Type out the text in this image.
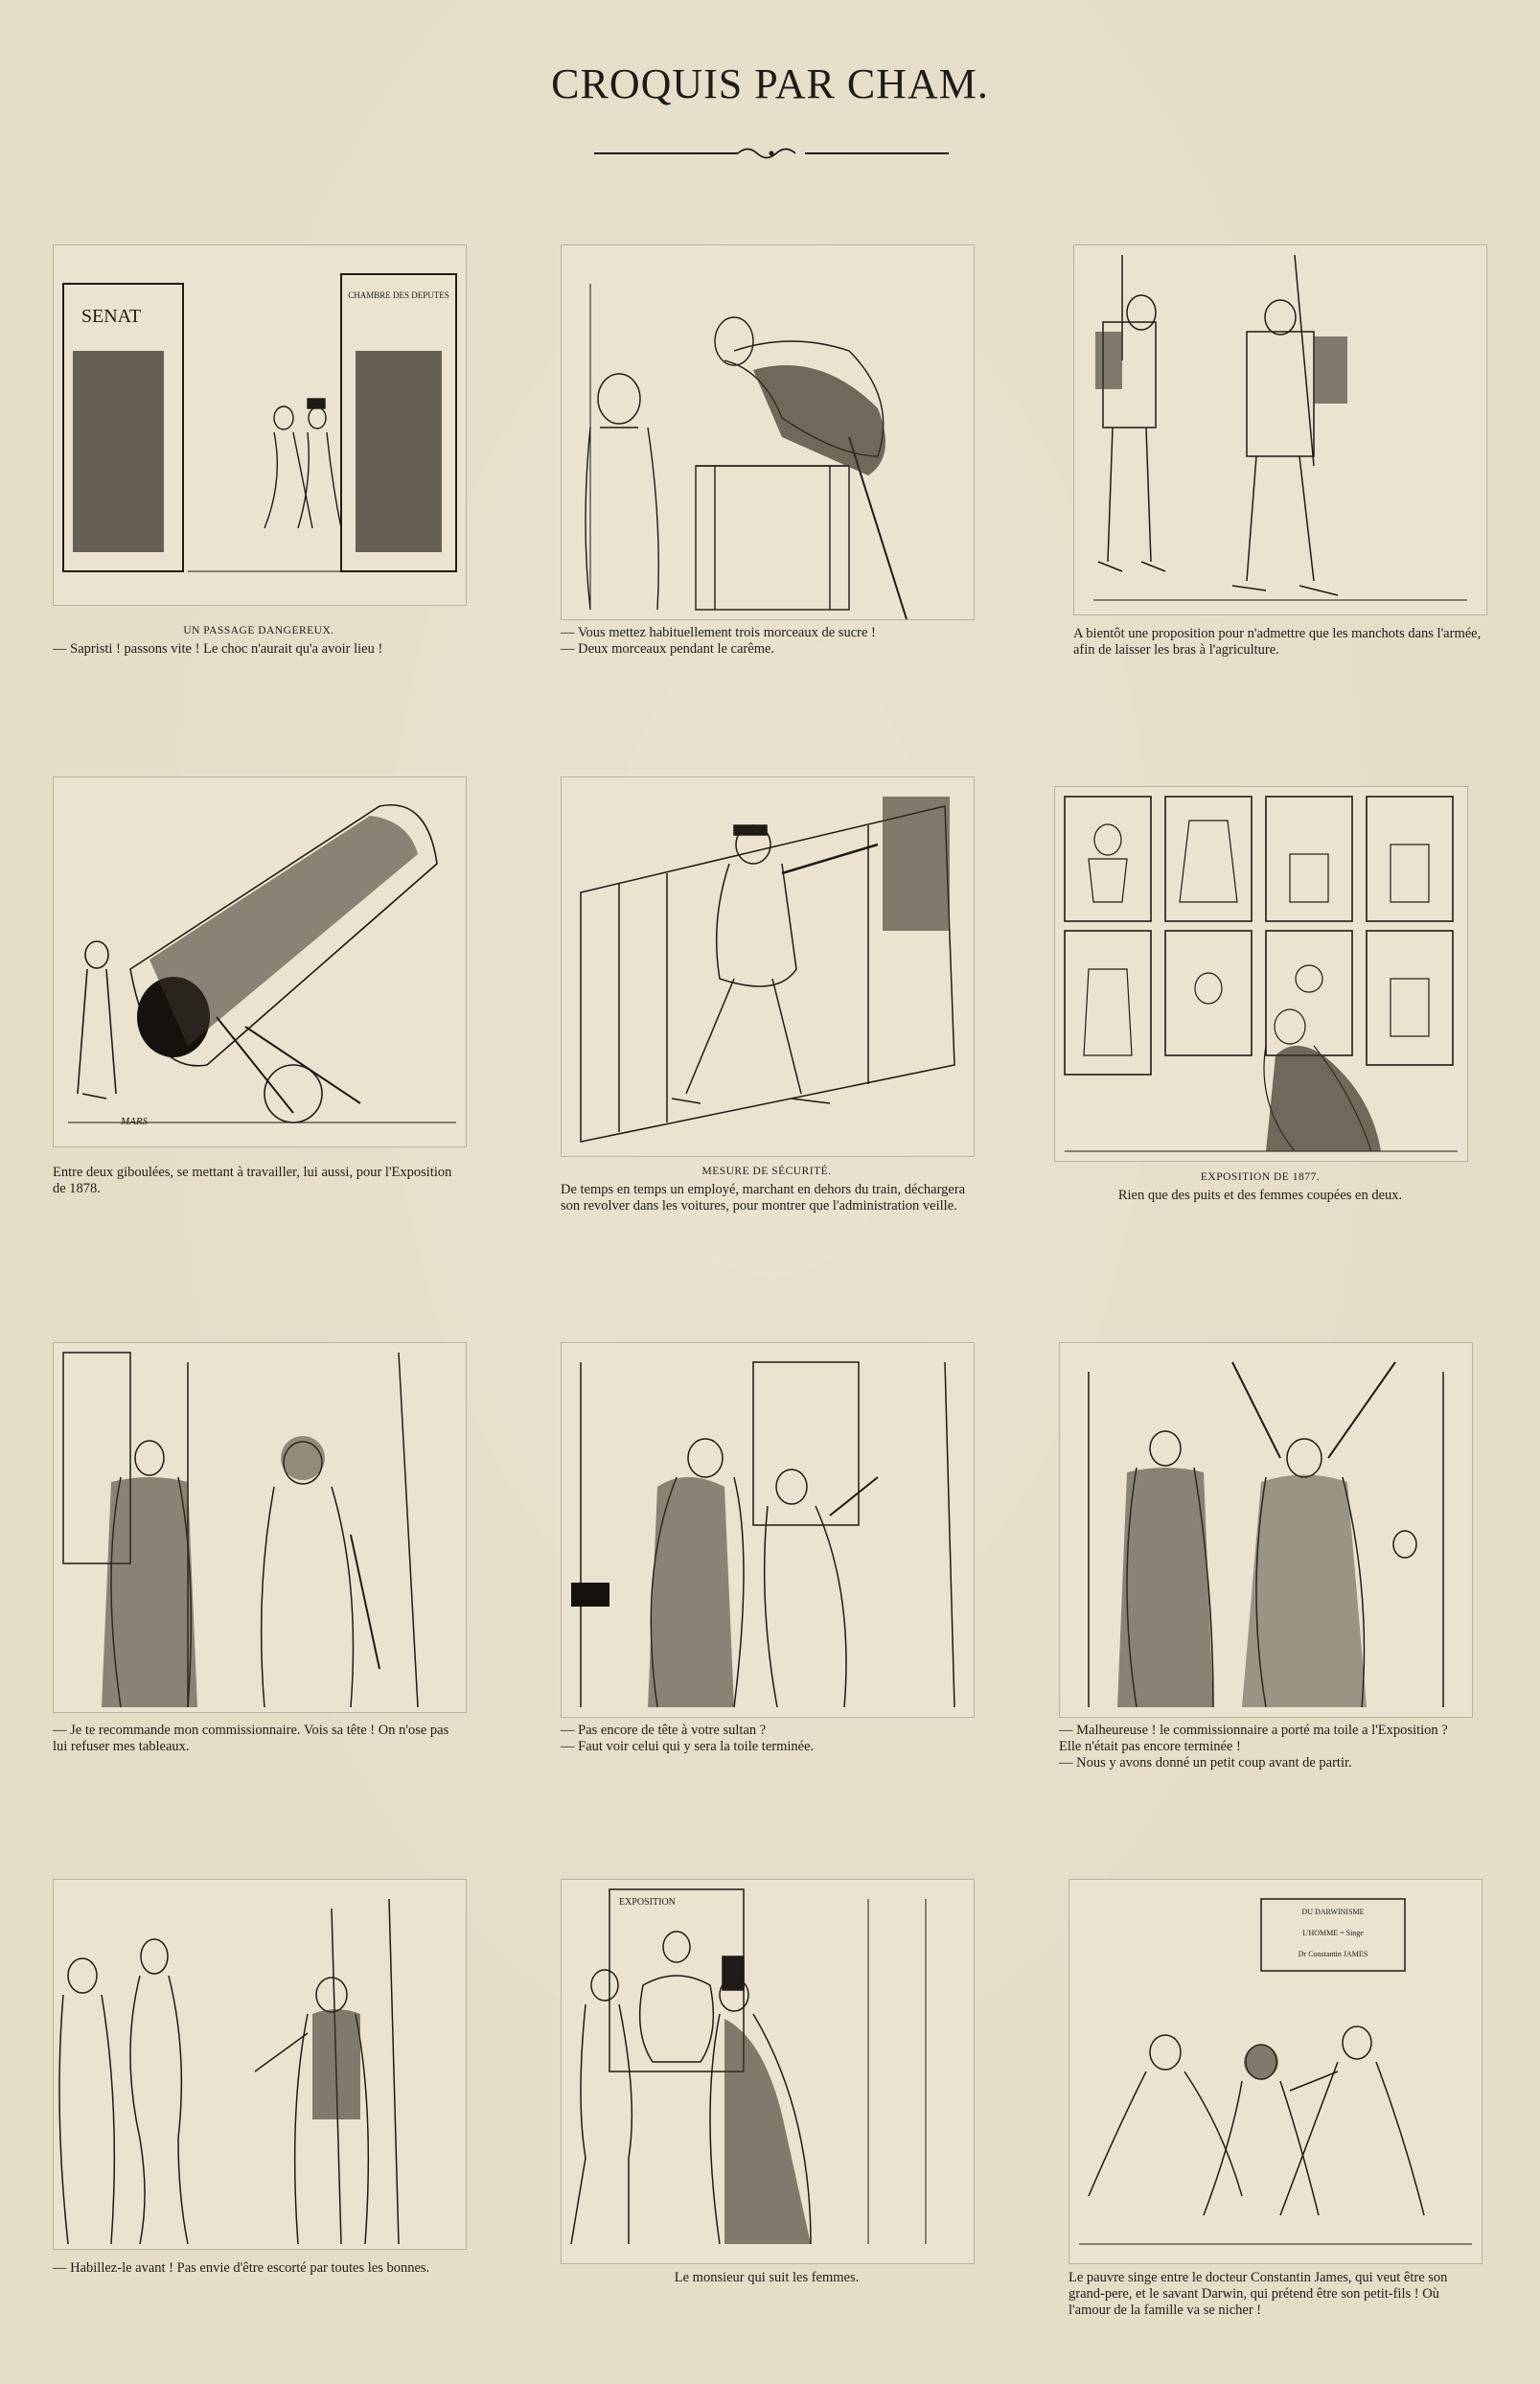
CROQUIS PAR CHAM.
SENAT
CHAMBRE DES DEPUTES
UN PASSAGE DANGEREUX.
— Sapristi ! passons vite ! Le choc n'aurait qu'a avoir lieu !
— Vous mettez habituellement trois morceaux de sucre !
— Deux morceaux pendant le carême.
A bientôt une proposition pour n'admettre que les manchots dans l'armée, afin de laisser les bras à l'agriculture.
MARS
Entre deux giboulées, se mettant à travailler, lui aussi, pour l'Exposition de 1878.
MESURE DE SÉCURITÉ.
De temps en temps un employé, marchant en dehors du train, déchargera son revolver dans les voitures, pour montrer que l'administration veille.
EXPOSITION DE 1877.
Rien que des puits et des femmes coupées en deux.
— Je te recommande mon commissionnaire. Vois sa tête ! On n'ose pas lui refuser mes tableaux.
— Pas encore de tête à votre sultan ?
— Faut voir celui qui y sera la toile terminée.
— Malheureuse ! le commissionnaire a porté ma toile a l'Exposition ? Elle n'était pas encore terminée !
— Nous y avons donné un petit coup avant de partir.
— Habillez-le avant ! Pas envie d'être escorté par toutes les bonnes.
EXPOSITION
Le monsieur qui suit les femmes.
DU DARWINISME
L'HOMME = Singe
Dr Constantin JAMES
Le pauvre singe entre le docteur Constantin James, qui veut être son grand-pere, et le savant Darwin, qui prétend être son petit-fils ! Où l'amour de la famille va se nicher !
